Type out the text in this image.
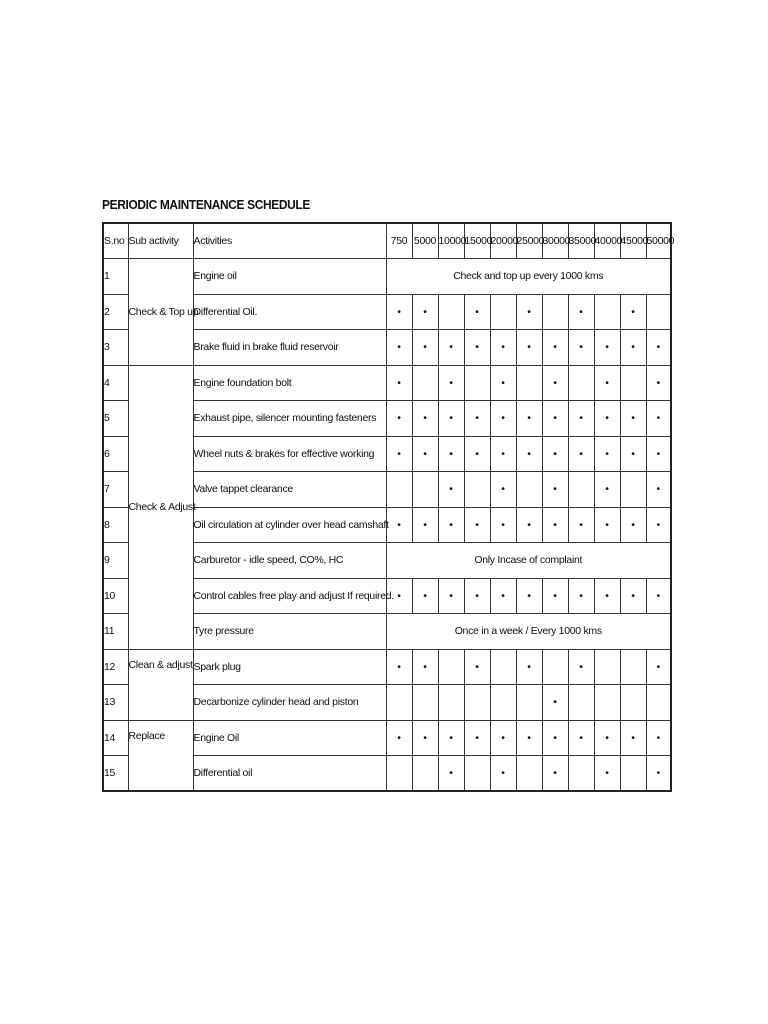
PERIODIC MAINTENANCE SCHEDULE
S.no	Sub activity	Activities	750	5000	10000	15000	20000	25000	30000	35000	40000	45000	50000
1	Check & Top up	Engine oil	Check and top up every 1000 kms										
2		Differential Oil.	•	•		•		•		•		•	
3		Brake fluid in brake fluid reservoir	•	•	•	•	•	•	•	•	•	•	•
4	Check & Adjust	Engine foundation bolt	•		•		•		•		•		•
5		Exhaust pipe, silencer mounting fasteners	•	•	•	•	•	•	•	•	•	•	•
6		Wheel nuts & brakes for effective working	•	•	•	•	•	•	•	•	•	•	•
7		Valve tappet clearance			•		•		•		•		•
8		Oil circulation at cylinder over head camshaft	•	•	•	•	•	•	•	•	•	•	•
9		Carburetor - idle speed, CO%, HC	Only Incase of complaint										
10		Control cables free play and adjust If required.	•	•	•	•	•	•	•	•	•	•	•
11		Tyre pressure	Once in a week / Every 1000 kms										
12	Clean & adjust	Spark plug	•	•		•		•		•			•
13		Decarbonize cylinder head and piston							•				
14	Replace	Engine Oil	•	•	•	•	•	•	•	•	•	•	•
15		Differential oil			•		•		•		•		•
